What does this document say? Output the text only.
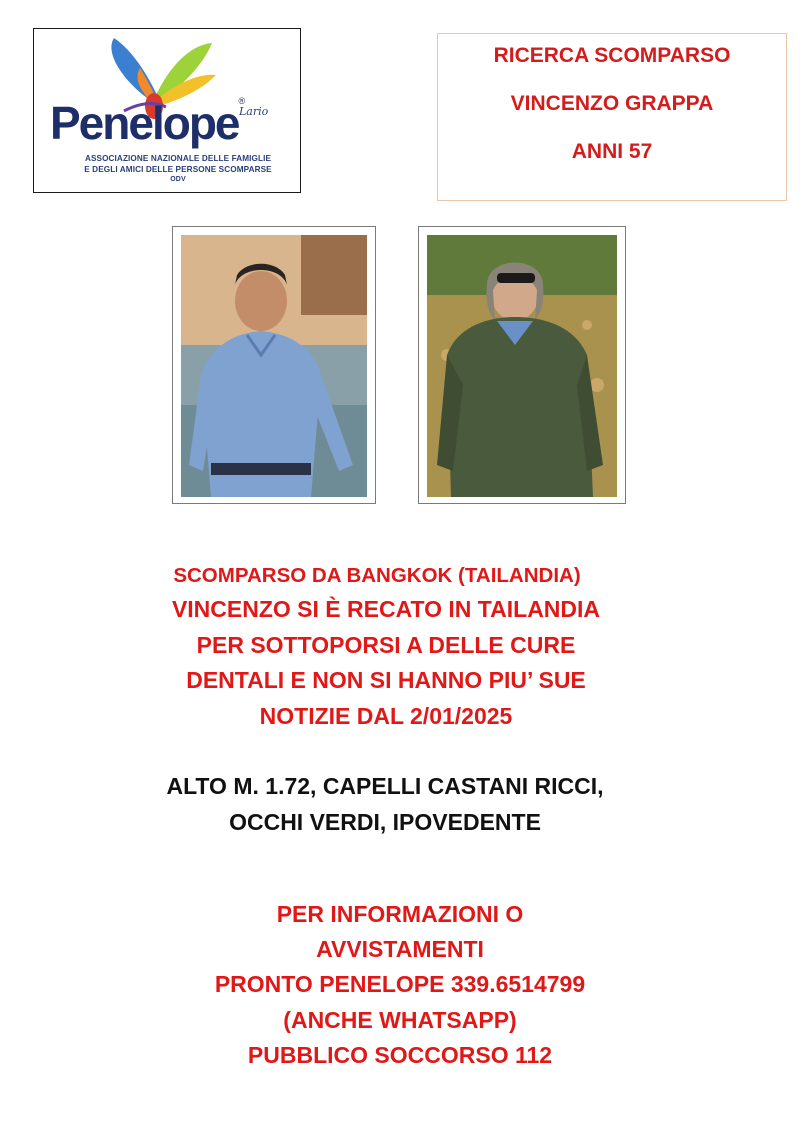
Lario
Penelope®
ASSOCIAZIONE NAZIONALE DELLE FAMIGLIE
E DEGLI AMICI DELLE PERSONE SCOMPARSE
ODV
RICERCA SCOMPARSO
VINCENZO GRAPPA
ANNI 57
SCOMPARSO DA BANGKOK (TAILANDIA)
VINCENZO SI È RECATO IN TAILANDIA
PER SOTTOPORSI A DELLE CURE
DENTALI E NON SI HANNO PIU’ SUE
NOTIZIE DAL 2/01/2025
ALTO M. 1.72, CAPELLI CASTANI RICCI,
OCCHI VERDI, IPOVEDENTE
PER INFORMAZIONI O
AVVISTAMENTI
PRONTO PENELOPE 339.6514799
(ANCHE WHATSAPP)
PUBBLICO SOCCORSO 112
